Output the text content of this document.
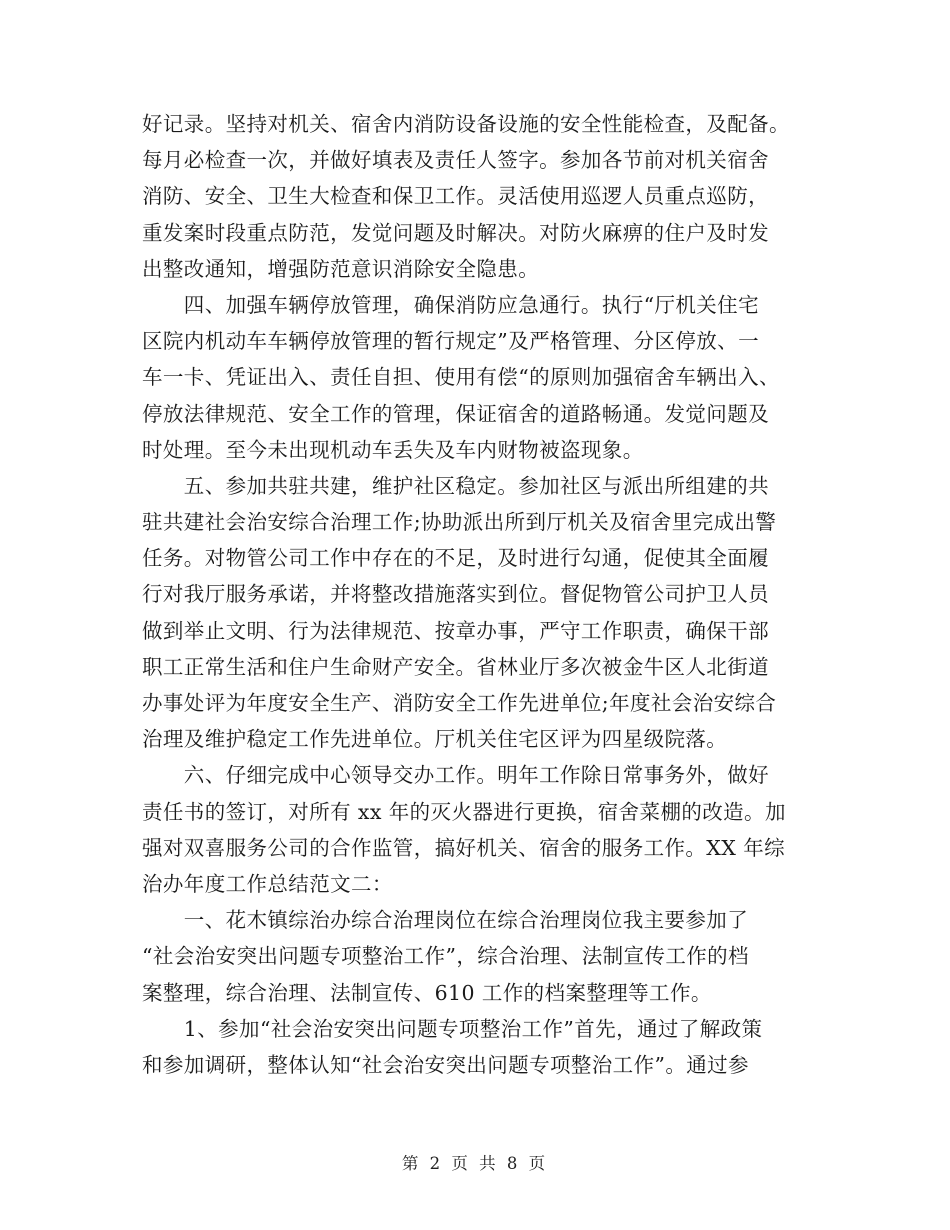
好记录。坚持对机关、宿舍内消防设备设施的安全性能检查，及配备。
每月必检查一次，并做好填表及责任人签字。参加各节前对机关宿舍
消防、安全、卫生大检查和保卫工作。灵活使用巡逻人员重点巡防，
重发案时段重点防范，发觉问题及时解决。对防火麻痹的住户及时发
出整改通知，增强防范意识消除安全隐患。
　　四、加强车辆停放管理，确保消防应急通行。执行“厅机关住宅
区院内机动车车辆停放管理的暂行规定”及严格管理、分区停放、一
车一卡、凭证出入、责任自担、使用有偿“的原则加强宿舍车辆出入、
停放法律规范、安全工作的管理，保证宿舍的道路畅通。发觉问题及
时处理。至今未出现机动车丢失及车内财物被盗现象。
　　五、参加共驻共建，维护社区稳定。参加社区与派出所组建的共
驻共建社会治安综合治理工作;协助派出所到厅机关及宿舍里完成出警
任务。对物管公司工作中存在的不足，及时进行勾通，促使其全面履
行对我厅服务承诺，并将整改措施落实到位。督促物管公司护卫人员
做到举止文明、行为法律规范、按章办事，严守工作职责，确保干部
职工正常生活和住户生命财产安全。省林业厅多次被金牛区人北街道
办事处评为年度安全生产、消防安全工作先进单位;年度社会治安综合
治理及维护稳定工作先进单位。厅机关住宅区评为四星级院落。
　　六、仔细完成中心领导交办工作。明年工作除日常事务外，做好
责任书的签订，对所有 xx 年的灭火器进行更换，宿舍菜棚的改造。加
强对双喜服务公司的合作监管，搞好机关、宿舍的服务工作。XX 年综
治办年度工作总结范文二：
　　一、花木镇综治办综合治理岗位在综合治理岗位我主要参加了
“社会治安突出问题专项整治工作”，综合治理、法制宣传工作的档
案整理，综合治理、法制宣传、610 工作的档案整理等工作。
　　1、参加“社会治安突出问题专项整治工作”首先，通过了解政策
和参加调研，整体认知“社会治安突出问题专项整治工作”。通过参
第 2 页 共 8 页
